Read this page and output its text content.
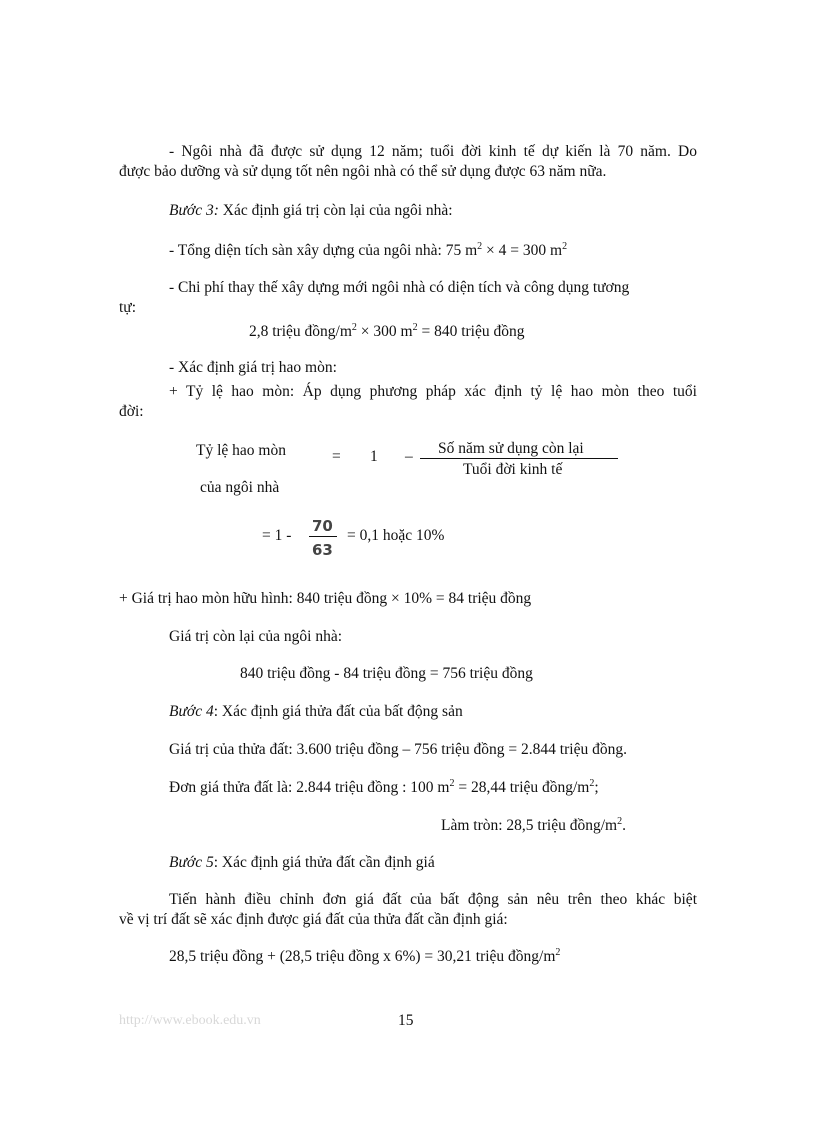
- Ngôi nhà đã được sử dụng 12 năm; tuổi đời kinh tế dự kiến là 70 năm. Do
được bảo dưỡng và sử dụng tốt nên ngôi nhà có thể sử dụng được 63 năm nữa.
Bước 3: Xác định giá trị còn lại của ngôi nhà:
- Tổng diện tích sàn xây dựng của ngôi nhà: 75 $m^2 \times 4 = 300$ $m^2$
- Chi phí thay thế xây dựng mới ngôi nhà có diện tích và công dụng tương
tự:
2,8 triệu đồng/$m^2 \times 300$ $m^2 = 840$ triệu đồng
- Xác định giá trị hao mòn:
+ Tỷ lệ hao mòn: Áp dụng phương pháp xác định tỷ lệ hao mòn theo tuổi
đời:
Tỷ lệ hao mòn
của ngôi nhà
= 1 – Số năm sử dụng còn lại
Tuổi đời kinh tế
= 1 -
70
63
= 0,1 hoặc 10%
+ Giá trị hao mòn hữu hình: 840 triệu đồng × 10% = 84 triệu đồng
Giá trị còn lại của ngôi nhà:
840 triệu đồng - 84 triệu đồng = 756 triệu đồng
Bước 4: Xác định giá thửa đất của bất động sản
Giá trị của thửa đất: 3.600 triệu đồng – 756 triệu đồng = 2.844 triệu đồng.
Đơn giá thửa đất là: 2.844 triệu đồng : 100 $m^2 = 28,44$ triệu đồng/$m^2$;
Làm tròn: 28,5 triệu đồng/$m^2$.
Bước 5: Xác định giá thửa đất cần định giá
Tiến hành điều chỉnh đơn giá đất của bất động sản nêu trên theo khác biệt
về vị trí đất sẽ xác định được giá đất của thửa đất cần định giá:
28,5 triệu đồng + (28,5 triệu đồng x 6%) = 30,21 triệu đồng/$m^2$
http://www.ebook.edu.vn	15
